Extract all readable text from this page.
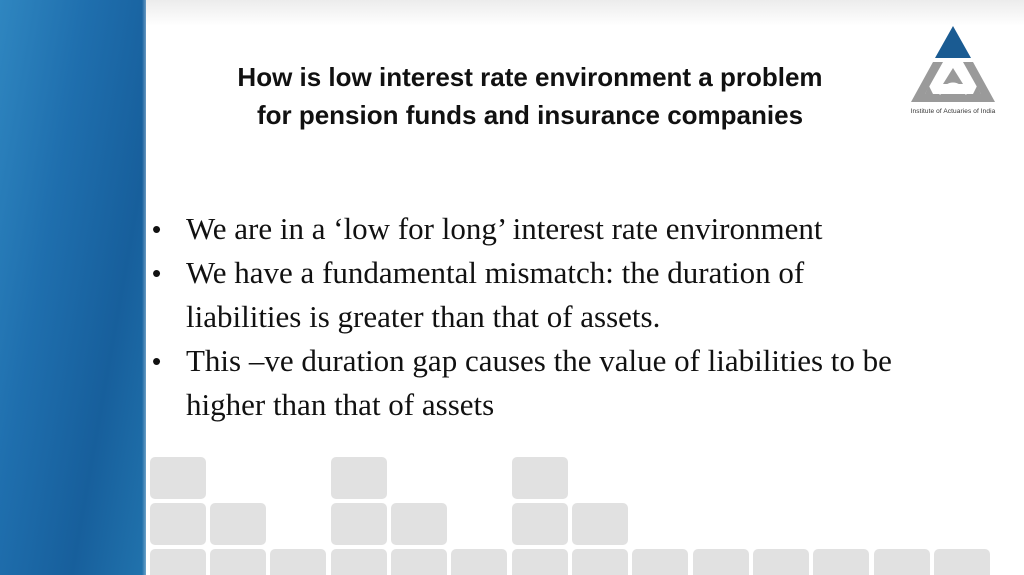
How is low interest rate environment a problem
for pension funds and insurance companies	Institute of Actuaries of India
• We are in a ‘low for long’ interest rate environment
• We have a fundamental mismatch: the duration of liabilities is greater than that of assets.
• This –ve duration gap causes the value of liabilities to be higher than that of assets
